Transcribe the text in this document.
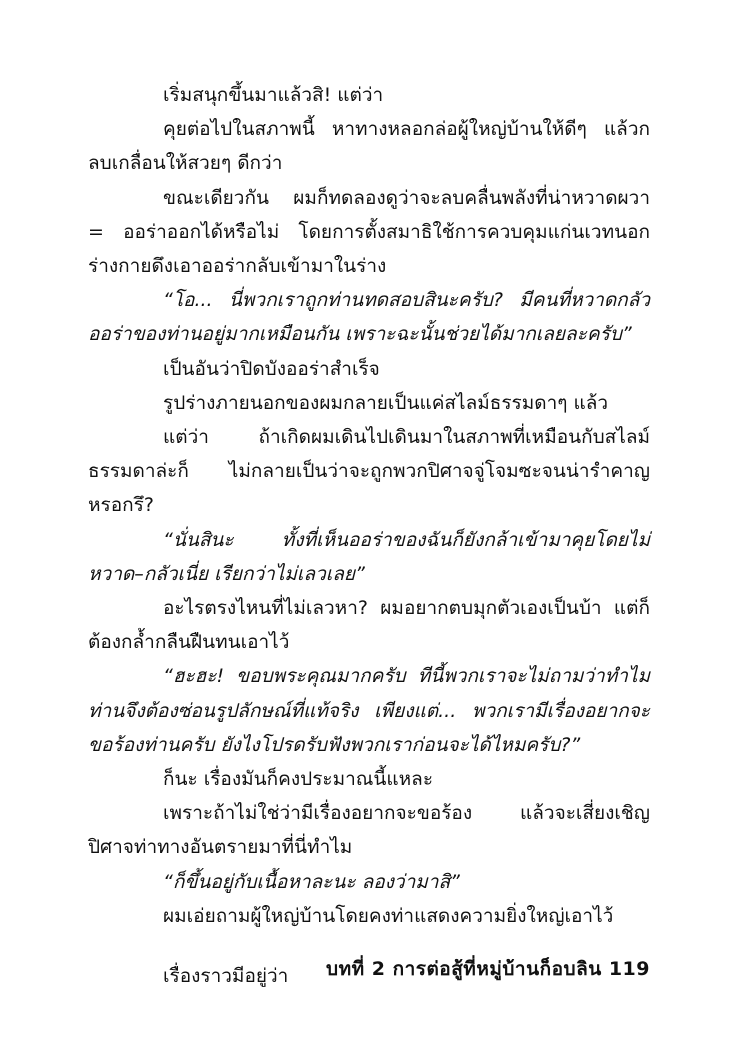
เริ่มสนุกขึ้นมาแล้วสิ! แต่ว่า

คุยต่อไปในสภาพนี้ หาทางหลอกล่อผู้ใหญ่บ้านให้ดีๆ แล้วกลบเกลื่อนให้สวยๆ ดีกว่า

ขณะเดียวกัน ผมก็ทดลองดูว่าจะลบคลื่นพลังที่น่าหวาดผวา = ออร่าออกได้หรือไม่ โดยการตั้งสมาธิใช้การควบคุมแก่นเวทนอกร่างกายดึงเอาออร่ากลับเข้ามาในร่าง

“โอ... นี่พวกเราถูกท่านทดสอบสินะครับ? มีคนที่หวาดกลัวออร่าของท่านอยู่มากเหมือนกัน เพราะฉะนั้นช่วยได้มากเลยละครับ”

เป็นอันว่าปิดบังออร่าสำเร็จ

รูปร่างภายนอกของผมกลายเป็นแค่สไลม์ธรรมดาๆ แล้ว

แต่ว่า ถ้าเกิดผมเดินไปเดินมาในสภาพที่เหมือนกับสไลม์ธรรมดาล่ะก็ ไม่กลายเป็นว่าจะถูกพวกปิศาจจู่โจมซะจนน่ารำคาญหรอกรึ?

“นั่นสินะ ทั้งที่เห็นออร่าของฉันก็ยังกล้าเข้ามาคุยโดยไม่หวาด–กลัวเนี่ย เรียกว่าไม่เลวเลย”

อะไรตรงไหนที่ไม่เลวหา? ผมอยากตบมุกตัวเองเป็นบ้า แต่ก็ต้องกล้ำกลืนฝืนทนเอาไว้

“ฮะฮะ! ขอบพระคุณมากครับ ทีนี้พวกเราจะไม่ถามว่าทำไมท่านจึงต้องซ่อนรูปลักษณ์ที่แท้จริง เพียงแต่... พวกเรามีเรื่องอยากจะขอร้องท่านครับ ยังไงโปรดรับฟังพวกเราก่อนจะได้ไหมครับ?”

ก็นะ เรื่องมันก็คงประมาณนี้แหละ

เพราะถ้าไม่ใช่ว่ามีเรื่องอยากจะขอร้อง แล้วจะเสี่ยงเชิญปิศาจท่าทางอันตรายมาที่นี่ทำไม

“ก็ขึ้นอยู่กับเนื้อหาละนะ ลองว่ามาสิ”

ผมเอ่ยถามผู้ใหญ่บ้านโดยคงท่าแสดงความยิ่งใหญ่เอาไว้

เรื่องราวมีอยู่ว่า	บทที่ 2 การต่อสู้ที่หมู่บ้านก็อบลิน 119
